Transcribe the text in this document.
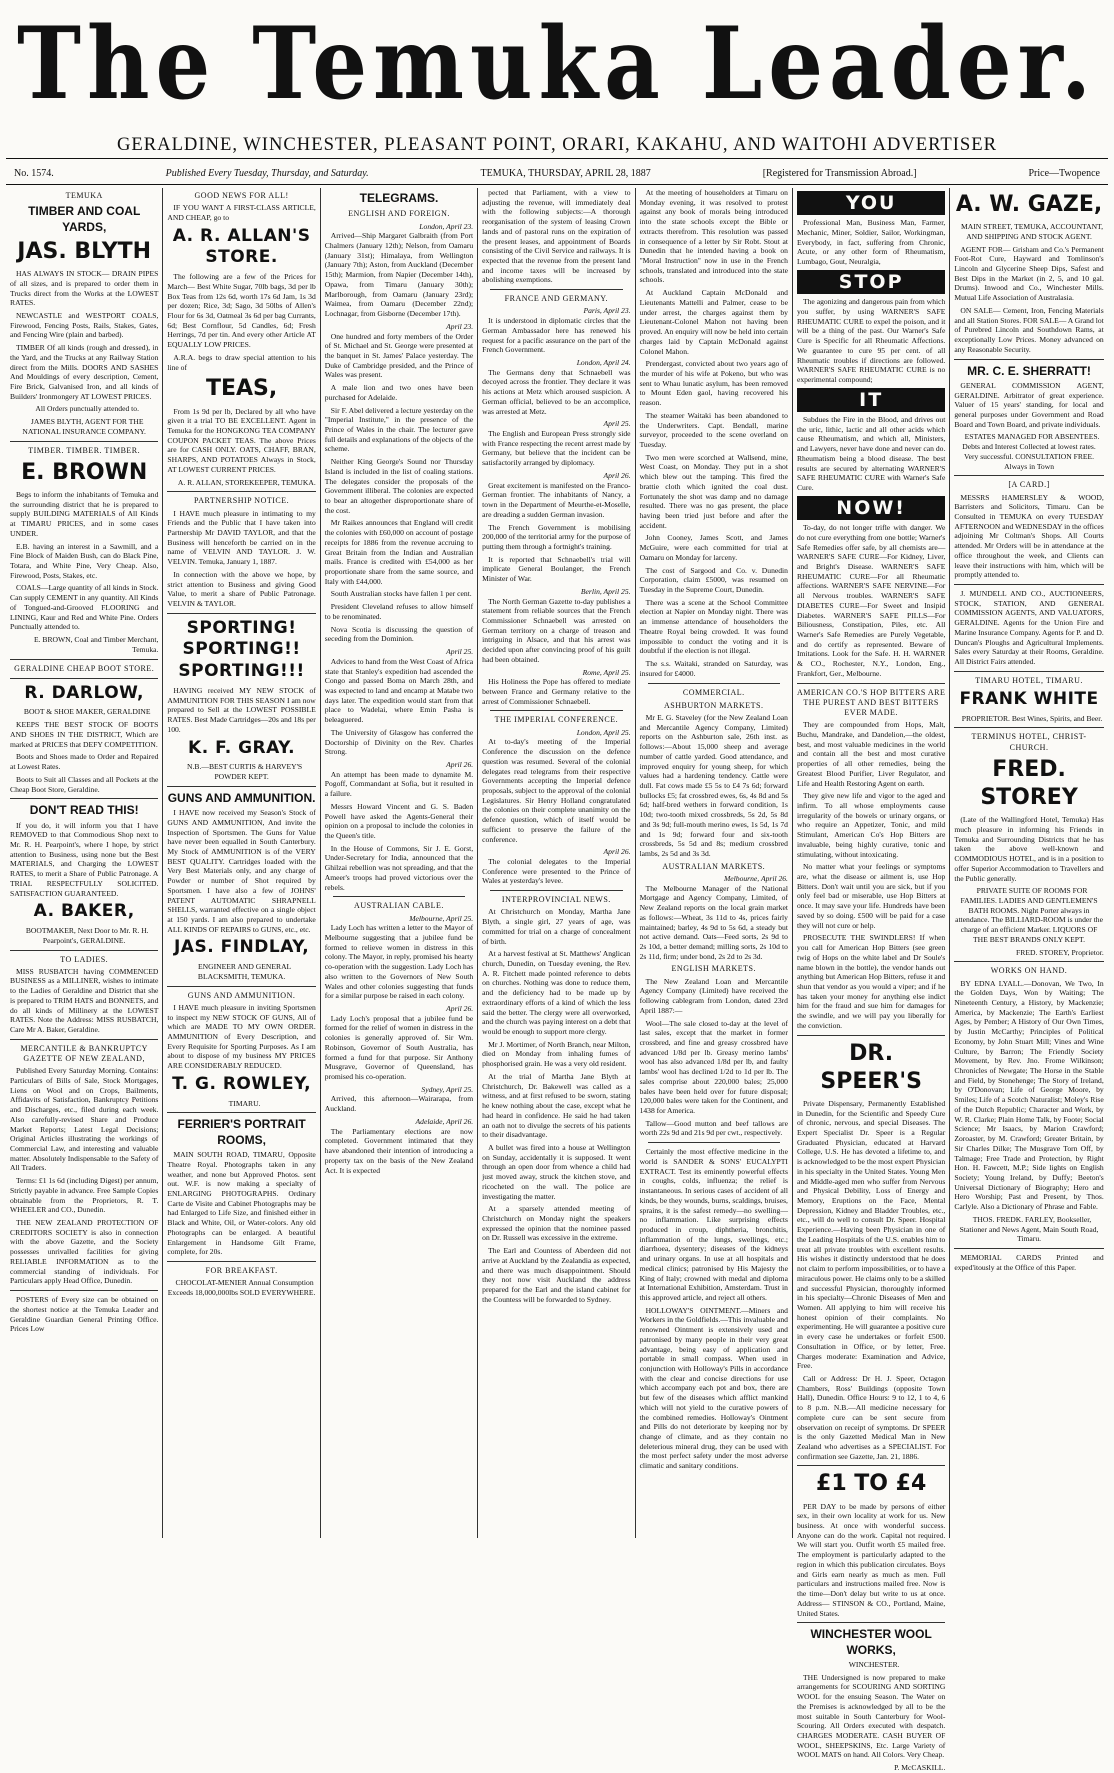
The Temuka Leader.
GERALDINE, WINCHESTER, PLEASANT POINT, ORARI, KAKAHU, AND WAITOHI ADVERTISER
No. 1574.	Published Every Tuesday, Thursday, and Saturday.	TEMUKA, THURSDAY, APRIL 28, 1887	[Registered for Transmission Abroad.]	Price—Twopence
TEMUKA
TIMBER AND COAL YARDS,
JAS. BLYTH

HAS ALWAYS IN STOCK— DRAIN PIPES of all sizes, and is prepared to order them in Trucks direct from the Works at the LOWEST RATES.

NEWCASTLE and WESTPORT COALS, Firewood, Fencing Posts, Rails, Stakes, Gates, and Fencing Wire (plain and barbed).

TIMBER Of all kinds (rough and dressed), in the Yard, and the Trucks at any Railway Station direct from the Mills. DOORS AND SASHES And Mouldings of every description, Cement, Fire Brick, Galvanised Iron, and all kinds of Builders' Ironmongery AT LOWEST PRICES.

All Orders punctually attended to.

JAMES BLYTH, AGENT FOR THE NATIONAL INSURANCE COMPANY.

TIMBER. TIMBER. TIMBER.
E. BROWN

Begs to inform the inhabitants of Temuka and the surrounding district that he is prepared to supply BUILDING MATERIALS of All Kinds at TIMARU PRICES, and in some cases UNDER.

E.B. having an interest in a Sawmill, and a Fine Block of Maiden Bush, can do Black Pine, Totara, and White Pine, Very Cheap. Also, Firewood, Posts, Stakes, etc.

COALS—Large quantity of all kinds in Stock. Can supply CEMENT in any quantity. All Kinds of Tongued-and-Grooved FLOORING and LINING, Kaur and Red and White Pine. Orders Punctually attended to.

E. BROWN, Coal and Timber Merchant, Temuka.

GERALDINE CHEAP BOOT STORE.
R. DARLOW,

BOOT & SHOE MAKER, GERALDINE

KEEPS THE BEST STOCK OF BOOTS AND SHOES IN THE DISTRICT, Which are marked at PRICES that DEFY COMPETITION.

Boots and Shoes made to Order and Repaired at Lowest Rates.

Boots to Suit all Classes and all Pockets at the Cheap Boot Store, Geraldine.

DON'T READ THIS!

If you do, it will inform you that I have REMOVED to that Commodious Shop next to Mr. R. H. Pearpoint's, where I hope, by strict attention to Business, using none but the Best MATERIALS, and Charging the LOWEST RATES, to merit a Share of Public Patronage. A TRIAL RESPECTFULLY SOLICITED. SATISFACTION GUARANTEED.

A. BAKER,

BOOTMAKER, Next Door to Mr. R. H. Pearpoint's, GERALDINE.

TO LADIES.

MISS RUSBATCH having COMMENCED BUSINESS as a MILLINER, wishes to intimate to the Ladies of Geraldine and District that she is prepared to TRIM HATS and BONNETS, and do all kinds of Millinery at the LOWEST RATES. Note the Address: MISS RUSBATCH, Care Mr A. Baker, Geraldine.

MERCANTILE & BANKRUPTCY GAZETTE OF NEW ZEALAND,

Published Every Saturday Morning. Contains: Particulars of Bills of Sale, Stock Mortgages, Liens on Wool and on Crops, Bailments, Affidavits of Satisfaction, Bankruptcy Petitions and Discharges, etc., filed during each week. Also carefully-revised Share and Produce Market Reports; Latest Legal Decisions; Original Articles illustrating the workings of Commercial Law, and interesting and valuable matter. Absolutely Indispensable to the Safety of All Traders.

Terms: £1 1s 6d (including Digest) per annum, Strictly payable in advance. Free Sample Copies obtainable from the Proprietors, R. T. WHEELER and CO., Dunedin.

THE NEW ZEALAND PROTECTION OF CREDITORS SOCIETY is also in connection with the above Gazette, and the Society possesses unrivalled facilities for giving RELIABLE INFORMATION as to the commercial standing of individuals. For Particulars apply Head Office, Dunedin.

POSTERS of Every size can be obtained on the shortest notice at the Temuka Leader and Geraldine Guardian General Printing Office. Prices Low

GOOD NEWS FOR ALL!

IF YOU WANT A FIRST-CLASS ARTICLE, AND CHEAP, go to

A. R. ALLAN'S STORE.

The following are a few of the Prices for March— Best White Sugar, 70lb bags, 3d per lb Box Teas from 12s 6d, worth 17s 6d Jam, 1s 3d per dozen; Rice, 3d; Sago, 3d 50lbs of Allen's Flour for 6s 3d, Oatmeal 3s 6d per bag Currants, 6d; Best Cornflour, 5d Candles, 6d; Fresh Herrings, 7d per tin. And every other Article AT EQUALLY LOW PRICES.

A.R.A. begs to draw special attention to his line of

TEAS,

From 1s 9d per lb, Declared by all who have given it a trial TO BE EXCELLENT. Agent in Temuka for the HONGKONG TEA COMPANY COUPON PACKET TEAS. The above Prices are for CASH ONLY. OATS, CHAFF, BRAN, SHARPS, AND POTATOES Always in Stock, AT LOWEST CURRENT PRICES.

A. R. ALLAN, STOREKEEPER, TEMUKA.

PARTNERSHIP NOTICE.

I HAVE much pleasure in intimating to my Friends and the Public that I have taken into Partnership Mr DAVID TAYLOR, and that the Business will henceforth be carried on in the name of VELVIN AND TAYLOR. J. W. VELVIN. Temuka, January 1, 1887.

In connection with the above we hope, by strict attention to Business and giving Good Value, to merit a share of Public Patronage. VELVIN & TAYLOR.

SPORTING! SPORTING!! SPORTING!!!

HAVING received MY NEW STOCK of AMMUNITION FOR THIS SEASON I am now prepared to Sell at the LOWEST POSSIBLE RATES. Best Made Cartridges—20s and 18s per 100.

K. F. GRAY.

N.B.—BEST CURTIS & HARVEY'S POWDER KEPT.

GUNS AND AMMUNITION.

I HAVE now received my Season's Stock of GUNS AND AMMUNITION, And invite the Inspection of Sportsmen. The Guns for Value have never been equalled in South Canterbury. My Stock of AMMUNITION is of the VERY BEST QUALITY. Cartridges loaded with the Very Best Materials only, and any charge of Powder or number of Shot required by Sportsmen. I have also a few of JOHNS' PATENT AUTOMATIC SHRAPNELL SHELLS, warranted effective on a single object at 150 yards. I am also prepared to undertake ALL KINDS OF REPAIRS to GUNS, etc., etc.

JAS. FINDLAY,

ENGINEER AND GENERAL BLACKSMITH, TEMUKA.

GUNS AND AMMUNITION.

I HAVE much pleasure in inviting Sportsmen to inspect my NEW STOCK OF GUNS, All of which are MADE TO MY OWN ORDER. AMMUNITION of Every Description, and Every Requisite for Sporting Purposes. As I am about to dispose of my business MY PRICES ARE CONSIDERABLY REDUCED.

T. G. ROWLEY,

TIMARU.

FERRIER'S PORTRAIT ROOMS,

MAIN SOUTH ROAD, TIMARU, Opposite Theatre Royal. Photographs taken in any weather, and none but Approved Photos. sent out. W.F. is now making a specialty of ENLARGING PHOTOGRAPHS. Ordinary Carte de Visite and Cabinet Photographs may be had Enlarged to Life Size, and finished either in Black and White, Oil, or Water-colors. Any old Photographs can be enlarged. A beautiful Enlargement in Handsome Gilt Frame, complete, for 20s.

FOR BREAKFAST.

CHOCOLAT-MENIER Annual Consumption Exceeds 18,000,000lbs SOLD EVERYWHERE.

TELEGRAMS.
ENGLISH AND FOREIGN.
London, April 23.

Arrived—Ship Margaret Galbraith (from Port Chalmers (January 12th); Nelson, from Oamaru (January 31st); Himalaya, from Wellington (January 7th); Aston, from Auckland (December 15th); Marmion, from Napier (December 14th), Opawa, from Timaru (January 30th); Marlborough, from Oamaru (January 23rd); Waimea, from Oamaru (December 22nd); Lochnagar, from Gisborne (December 17th).

April 23.

One hundred and forty members of the Order of St. Michael and St. George were presented at the banquet in St. James' Palace yesterday. The Duke of Cambridge presided, and the Prince of Wales was present.

A male lion and two ones have been purchased for Adelaide.

Sir F. Abel delivered a lecture yesterday on the "Imperial Institute," in the presence of the Prince of Wales in the chair. The lecturer gave full details and explanations of the objects of the scheme.

Neither King George's Sound nor Thursday Island is included in the list of coaling stations. The delegates consider the proposals of the Government illiberal. The colonies are expected to bear an altogether disproportionate share of the cost.

Mr Raikes announces that England will credit the colonies with £60,000 on account of postage receipts for 1886 from the revenue accruing to Great Britain from the Indian and Australian mails. France is credited with £54,000 as her proportionate share from the same source, and Italy with £44,000.

South Australian stocks have fallen 1 per cent.

President Cleveland refuses to allow himself to be renominated.

Nova Scotia is discussing the question of seceding from the Dominion.

April 25.

Advices to hand from the West Coast of Africa state that Stanley's expedition had ascended the Congo and passed Boma on March 28th, and was expected to land and encamp at Matabe two days later. The expedition would start from that place to Wadelai, where Emin Pasha is beleaguered.

The University of Glasgow has conferred the Doctorship of Divinity on the Rev. Charles Strong.

April 26.

An attempt has been made to dynamite M. Pogoff, Commandant at Sofia, but it resulted in a failure.

Messrs Howard Vincent and G. S. Baden Powell have asked the Agents-General their opinion on a proposal to include the colonies in the Queen's title.

In the House of Commons, Sir J. E. Gorst, Under-Secretary for India, announced that the Ghilzai rebellion was not spreading, and that the Ameer's troops had proved victorious over the rebels.

AUSTRALIAN CABLE.
Melbourne, April 25.

Lady Loch has written a letter to the Mayor of Melbourne suggesting that a jubilee fund be formed to relieve women in distress in this colony. The Mayor, in reply, promised his hearty co-operation with the suggestion. Lady Loch has also written to the Governors of New South Wales and other colonies suggesting that funds for a similar purpose be raised in each colony.

April 26.

Lady Loch's proposal that a jubilee fund be formed for the relief of women in distress in the colonies is generally approved of. Sir Wm. Robinson, Governor of South Australia, has formed a fund for that purpose. Sir Anthony Musgrave, Governor of Queensland, has promised his co-operation.

Sydney, April 25.

Arrived, this afternoon—Wairarapa, from Auckland.

Adelaide, April 26.

The Parliamentary elections are now completed. Government intimated that they have abandoned their intention of introducing a property tax on the basis of the New Zealand Act. It is expected

pected that Parliament, with a view to adjusting the revenue, will immediately deal with the following subjects:—A thorough reorganisation of the system of leasing Crown lands and of pastoral runs on the expiration of the present leases, and appointment of Boards consisting of the Civil Service and railways. It is expected that the revenue from the present land and income taxes will be increased by abolishing exemptions.

FRANCE AND GERMANY.
Paris, April 23.

It is understood in diplomatic circles that the German Ambassador here has renewed his request for a pacific assurance on the part of the French Government.

London, April 24.

The Germans deny that Schnaebell was decoyed across the frontier. They declare it was his actions at Metz which aroused suspicion. A German official, believed to be an accomplice, was arrested at Metz.

April 25.

The English and European Press strongly side with France respecting the recent arrest made by Germany, but believe that the incident can be satisfactorily arranged by diplomacy.

April 26.

Great excitement is manifested on the Franco-German frontier. The inhabitants of Nancy, a town in the Department of Meurthe-et-Moselle, are dreading a sudden German invasion.

The French Government is mobilising 200,000 of the territorial army for the purpose of putting them through a fortnight's training.

It is reported that Schnaebell's trial will implicate General Boulanger, the French Minister of War.

Berlin, April 25.

The North German Gazette to-day publishes a statement from reliable sources that the French Commissioner Schnaebell was arrested on German territory on a charge of treason and intriguing in Alsace, and that his arrest was decided upon after convincing proof of his guilt had been obtained.

Rome, April 25.

His Holiness the Pope has offered to mediate between France and Germany relative to the arrest of Commissioner Schnaebell.

THE IMPERIAL CONFERENCE.
London, April 25.

At to-day's meeting of the Imperial Conference the discussion on the defence question was resumed. Several of the colonial delegates read telegrams from their respective Governments accepting the Imperial defence proposals, subject to the approval of the colonial Legislatures. Sir Henry Holland congratulated the colonies on their complete unanimity on the defence question, which of itself would be sufficient to preserve the failure of the conference.

April 26.

The colonial delegates to the Imperial Conference were presented to the Prince of Wales at yesterday's levee.

INTERPROVINCIAL NEWS.

At Christchurch on Monday, Martha Jane Blyth, a single girl, 27 years of age, was committed for trial on a charge of concealment of birth.

At a harvest festival at St. Matthews' Anglican church, Dunedin, on Tuesday evening, the Rev. A. R. Fitchett made pointed reference to debts on churches. Nothing was done to reduce them, and the deficiency had to be made up by extraordinary efforts of a kind of which the less said the better. The clergy were all overworked, and the church was paying interest on a debt that would be enough to support more clergy.

Mr J. Mortimer, of North Branch, near Milton, died on Monday from inhaling fumes of phosphorised grain. He was a very old resident.

At the trial of Martha Jane Blyth at Christchurch, Dr. Bakewell was called as a witness, and at first refused to be sworn, stating he knew nothing about the case, except what he had heard in confidence. He said he had taken an oath not to divulge the secrets of his patients to their disadvantage.

A bullet was fired into a house at Wellington on Sunday, accidentally it is supposed. It went through an open door from whence a child had just moved away, struck the kitchen stove, and ricocheted on the wall. The police are investigating the matter.

At a sparsely attended meeting of Christchurch on Monday night the speakers expressed the opinion that the nominee passed on Dr. Russell was excessive in the extreme.

The Earl and Countess of Aberdeen did not arrive at Auckland by the Zealandia as expected, and there was much disappointment. Should they not now visit Auckland the address prepared for the Earl and the island cabinet for the Countess will be forwarded to Sydney.

At the meeting of householders at Timaru on Monday evening, it was resolved to protest against any book of morals being introduced into the state schools except the Bible or extracts therefrom. This resolution was passed in consequence of a letter by Sir Robt. Stout at Dunedin that he intended having a book on "Moral Instruction" now in use in the French schools, translated and introduced into the state schools.

At Auckland Captain McDonald and Lieutenants Mattelli and Palmer, cease to be under arrest, the charges against them by Lieutenant-Colonel Mahon not having been proved. An enquiry will now be held into certain charges laid by Captain McDonald against Colonel Mahon.

Prendergast, convicted about two years ago of the murder of his wife at Pokeno, but who was sent to Whau lunatic asylum, has been removed to Mount Eden gaol, having recovered his reason.

The steamer Waitaki has been abandoned to the Underwriters. Capt. Bendall, marine surveyor, proceeded to the scene overland on Tuesday.

Two men were scorched at Wallsend, mine, West Coast, on Monday. They put in a shot which blew out the tamping. This fired the brattie cloth which ignited the coal dust. Fortunately the shot was damp and no damage resulted. There was no gas present, the place having been tried just before and after the accident.

John Cooney, James Scott, and James McGuire, were each committed for trial at Oamaru on Monday for larceny.

The cost of Sargood and Co. v. Dunedin Corporation, claim £5000, was resumed on Tuesday in the Supreme Court, Dunedin.

There was a scene at the School Committee election at Napier on Monday night. There was an immense attendance of householders the Theatre Royal being crowded. It was found impossible to conduct the voting and it is doubtful if the election is not illegal.

The s.s. Waitaki, stranded on Saturday, was insured for £4000.

COMMERCIAL.
ASHBURTON MARKETS.

Mr E. G. Staveley (for the New Zealand Loan and Mercantile Agency Company, Limited) reports on the Ashburton sale, 26th inst. as follows:—About 15,000 sheep and average number of cattle yarded. Good attendance, and improved enquiry for young sheep, for which values had a hardening tendency. Cattle were dull. Fat cows made £5 5s to £4 7s 6d; forward bullocks £5; fat crossbred ewes, 6s, 4s 8d and 5s 6d; half-bred wethers in forward condition, 1s 10d; two-tooth mixed crossbreds, 5s 2d, 5s 8d and 3s 9d; full-mouth merino ewes, 1s 5d, 1s 7d and 1s 9d; forward four and six-tooth crossbreds, 5s 5d and 8s; medium crossbred lambs, 2s 5d and 3s 3d.

AUSTRALIAN MARKETS.
Melbourne, April 26.

The Melbourne Manager of the National Mortgage and Agency Company, Limited, of New Zealand reports on the local grain market as follows:—Wheat, 3s 11d to 4s, prices fairly maintained; barley, 4s 9d to 5s 6d, a steady but not active demand. Oats—Feed sorts, 2s 9d to 2s 10d, a better demand; milling sorts, 2s 10d to 2s 11d, firm; under bond, 2s 2d to 2s 3d.

ENGLISH MARKETS.

The New Zealand Loan and Mercantile Agency Company (Limited) have received the following cablegram from London, dated 23rd April 1887:—

Wool—The sale closed to-day at the level of last sales, except that the market in former crossbred, and fine and greasy crossbred have advanced 1/8d per lb. Greasy merino lambs' wool has also advanced 1/8d per lb, and faulty lambs' wool has declined 1/2d to 1d per lb. The sales comprise about 220,000 bales; 25,000 bales have been held over for future disposal; 120,000 bales were taken for the Continent, and 1438 for America.

Tallow—Good mutton and beef tallows are worth 22s 9d and 21s 9d per cwt., respectively.

Certainly the most effective medicine in the world is SANDER & SONS' EUCALYPTI EXTRACT. Test its eminently powerful effects in coughs, colds, influenza; the relief is instantaneous. In serious cases of accident of all kinds, be they wounds, burns, scaldings, bruises, sprains, it is the safest remedy—no swelling—no inflammation. Like surprising effects produced in croup, diphtheria, bronchitis, inflammation of the lungs, swellings, etc.; diarrhoea, dysentery; diseases of the kidneys and urinary organs. In use at all hospitals and medical clinics; patronised by His Majesty the King of Italy; crowned with medal and diploma at International Exhibition, Amsterdam. Trust in this approved article, and reject all others.

HOLLOWAY'S OINTMENT.—Miners and Workers in the Goldfields.—This invaluable and renowned Ointment is extensively used and patronised by many people in their very great advantage, being easy of application and portable in small compass. When used in conjunction with Holloway's Pills in accordance with the clear and concise directions for use which accompany each pot and box, there are but few of the diseases which afflict mankind which will not yield to the curative powers of the combined remedies. Holloway's Ointment and Pills do not deteriorate by keeping nor by change of climate, and as they contain no deleterious mineral drug, they can be used with the most perfect safety under the most adverse climatic and sanitary conditions.

YOU

Professional Man, Business Man, Farmer, Mechanic, Miner, Soldier, Sailor, Workingman, Everybody, in fact, suffering from Chronic, Acute, or any other form of Rheumatism, Lumbago, Gout, Neuralgia,

STOP

The agonizing and dangerous pain from which you suffer, by using WARNER'S SAFE RHEUMATIC CURE to expel the poison, and it will be a thing of the past. Our Warner's Safe Cure is Specific for all Rheumatic Affections. We guarantee to cure 95 per cent. of all Rheumatic troubles if directions are followed. WARNER'S SAFE RHEUMATIC CURE is no experimental compound;

IT

Subdues the Fire in the Blood, and drives out the uric, lithic, lactic and all other acids which cause Rheumatism, and which all, Ministers, and Lawyers, never have done and never can do. Rheumatism being a blood disease. The best results are secured by alternating WARNER'S SAFE RHEUMATIC CURE with Warner's Safe Cure.

NOW!

To-day, do not longer trifle with danger. We do not cure everything from one bottle; Warner's Safe Remedies offer safe, by all chemists are—WARNER'S SAFE CURE—For Kidney, Liver, and Bright's Disease. WARNER'S SAFE RHEUMATIC CURE—For all Rheumatic affections. WARNER'S SAFE NERVINE—For all Nervous troubles. WARNER'S SAFE DIABETES CURE—For Sweet and Insipid Diabetes. WARNER'S SAFE PILLS—For Biliousness, Constipation, Piles, etc. All Warner's Safe Remedies are Purely Vegetable, and do certify as represented. Beware of Imitations. Look for the Safe. H. H. WARNER & CO., Rochester, N.Y., London, Eng., Frankfort, Ger., Melbourne.

AMERICAN CO.'S HOP BITTERS ARE THE PUREST AND BEST BITTERS EVER MADE.

They are compounded from Hops, Malt, Buchu, Mandrake, and Dandelion,—the oldest, best, and most valuable medicines in the world and contain all the best and most curative properties of all other remedies, being the Greatest Blood Purifier, Liver Regulator, and Life and Health Restoring Agent on earth.

They give new life and vigor to the aged and infirm. To all whose employments cause irregularity of the bowels or urinary organs, or who require an Appetizer, Tonic, and mild Stimulant, American Co's Hop Bitters are invaluable, being highly curative, tonic and stimulating, without intoxicating.

No matter what your feelings or symptoms are, what the disease or ailment is, use Hop Bitters. Don't wait until you are sick, but if you only feel bad or miserable, use Hop Bitters at once. It may save your life. Hundreds have been saved by so doing. £500 will be paid for a case they will not cure or help.

PROSECUTE THE SWINDLERS! If when you call for American Hop Bitters (see green twig of Hops on the white label and Dr Soule's name blown in the bottle), the vendor hands out anything but American Hop Bitters, refuse it and shun that vendor as you would a viper; and if he has taken your money for anything else indict him for the fraud and sue him for damages for the swindle, and we will pay you liberally for the conviction.

DR. SPEER'S

Private Dispensary, Permanently Established in Dunedin, for the Scientific and Speedy Cure of chronic, nervous, and special Diseases. The Expert Specialist Dr. Speer is a Regular Graduated Physician, educated at Harvard College, U.S. He has devoted a lifetime to, and is acknowledged to be the most expert Physician in his specialty in the United States. Young Men and Middle-aged men who suffer from Nervous and Physical Debility, Loss of Energy and Memory, Eruptions on the Face, Mental Depression, Kidney and Bladder Troubles, etc., etc., will do well to consult Dr. Speer. Hospital Experience.—Having been Physician in one of the Leading Hospitals of the U.S. enables him to treat all private troubles with excellent results. His wishes it distinctly understood that he does not claim to perform impossibilities, or to have a miraculous power. He claims only to be a skilled and successful Physician, thoroughly informed in his specialty—Chronic Diseases of Men and Women. All applying to him will receive his honest opinion of their complaints. No experimenting. He will guarantee a positive cure in every case he undertakes or forfeit £500. Consultation in Office, or by letter, Free. Charges moderate: Examination and Advice, Free.

Call or Address: Dr H. J. Speer, Octagon Chambers, Ross' Buildings (opposite Town Hall), Dunedin. Office Hours: 9 to 12, 1 to 4, 6 to 8 p.m. N.B.—All medicine necessary for complete cure can be sent secure from observation on receipt of symptoms. Dr SPEER is the only Gazetted Medical Man in New Zealand who advertises as a SPECIALIST. For confirmation see Gazette, Jan. 21, 1886.

£1 TO £4

PER DAY to be made by persons of either sex, in their own locality at work for us. New business. At once with wonderful success. Anyone can do the work. Capital not required. We will start you. Outfit worth £5 mailed free. The employment is particularly adapted to the region in which this publication circulates. Boys and Girls earn nearly as much as men. Full particulars and instructions mailed free. Now is the time—Don't delay but write to us at once. Address— STINSON & CO., Portland, Maine, United States.

WINCHESTER WOOL WORKS,

WINCHESTER.

THE Undersigned is now prepared to make arrangements for SCOURING AND SORTING WOOL for the ensuing Season. The Water on the Premises is acknowledged by all to be the most suitable in South Canterbury for Wool-Scouring. All Orders executed with despatch. CHARGES MODERATE. CASH BUYER OF WOOL, SHEEPSKINS, Etc. Large Variety of WOOL MATS on hand. All Colors. Very Cheap.

P. McCASKILL.

A. W. GAZE,

MAIN STREET, TEMUKA, ACCOUNTANT, AND SHIPPING AND STOCK AGENT.

AGENT FOR— Grisham and Co.'s Permanent Foot-Rot Cure, Hayward and Tomlinson's Lincoln and Glycerine Sheep Dips, Safest and Best Dips in the Market (in 2, 5, and 10 gal. Drums). Inwood and Co., Winchester Mills. Mutual Life Association of Australasia.

ON SALE— Cement, Iron, Fencing Materials and all Station Stores. FOR SALE— A Grand lot of Purebred Lincoln and Southdown Rams, at exceptionally Low Prices. Money advanced on any Reasonable Security.

MR. C. E. SHERRATT!

GENERAL COMMISSION AGENT, GERALDINE. Arbitrator of great experience. Valuer of 15 years' standing, for local and general purposes under Government and Road Board and Town Board, and private individuals.

ESTATES MANAGED FOR ABSENTEES. Debts and Interest Collected at lowest rates. Very successful. CONSULTATION FREE. Always in Town

[A CARD.]

MESSRS HAMERSLEY & WOOD, Barristers and Solicitors, Timaru. Can be Consulted in TEMUKA on every TUESDAY AFTERNOON and WEDNESDAY in the offices adjoining Mr Coltman's Shops. All Courts attended. Mr Orders will be in attendance at the office throughout the week, and Clients can leave their instructions with him, which will be promptly attended to.

J. MUNDELL AND CO., AUCTIONEERS, STOCK, STATION, AND GENERAL COMMISSION AGENTS, AND VALUATORS, GERALDINE. Agents for the Union Fire and Marine Insurance Company. Agents for P. and D. Duncan's Ploughs and Agricultural Implements. Sales every Saturday at their Rooms, Geraldine. All District Fairs attended.

TIMARU HOTEL, TIMARU.
FRANK WHITE

PROPRIETOR. Best Wines, Spirits, and Beer.

TERMINUS HOTEL, CHRIST-CHURCH.
FRED. STOREY

(Late of the Wallingford Hotel, Temuka) Has much pleasure in informing his Friends in Temuka and Surrounding Districts that he has taken the above well-known and COMMODIOUS HOTEL, and is in a position to offer Superior Accommodation to Travellers and the Public generally.

PRIVATE SUITE OF ROOMS FOR FAMILIES. LADIES AND GENTLEMEN'S BATH ROOMS. Night Porter always in attendance. The BILLIARD-ROOM is under the charge of an efficient Marker. LIQUORS OF THE BEST BRANDS ONLY KEPT.

FRED. STOREY, Proprietor.

WORKS ON HAND.

BY EDNA LYALL.—Donovan, We Two, In the Golden Days, Won by Waiting; The Nineteenth Century, a History, by Mackenzie; America, by Mackenzie; The Earth's Earliest Ages, by Pember; A History of Our Own Times, by Justin McCarthy; Principles of Political Economy, by John Stuart Mill; Vines and Wine Culture, by Barron; The Friendly Society Movement, by Rev. Jno. Frome Wilkinson; Chronicles of Newgate; The Horse in the Stable and Field, by Stonehenge; The Story of Ireland, by O'Donovan; Life of George Moore, by Smiles; Life of a Scotch Naturalist; Moley's Rise of the Dutch Republic; Character and Work, by W. R. Clarke; Plain Home Talk, by Foote; Social Science; Mr Isaacs, by Marion Crawford; Zoroaster, by M. Crawford; Greater Britain, by Sir Charles Dilke; The Musgrave Torn Off, by Talmage; Free Trade and Protection, by Right Hon. H. Fawcett, M.P.; Side lights on English Society; Young Ireland, by Duffy; Beeton's Universal Dictionary of Biography; Hero and Hero Worship; Past and Present, by Thos. Carlyle. Also a Dictionary of Phrase and Fable.

THOS. FREDK. FARLEY, Bookseller, Stationer and News Agent, Main South Road, Timaru.

MEMORIAL CARDS Printed and exped'itously at the Office of this Paper.
